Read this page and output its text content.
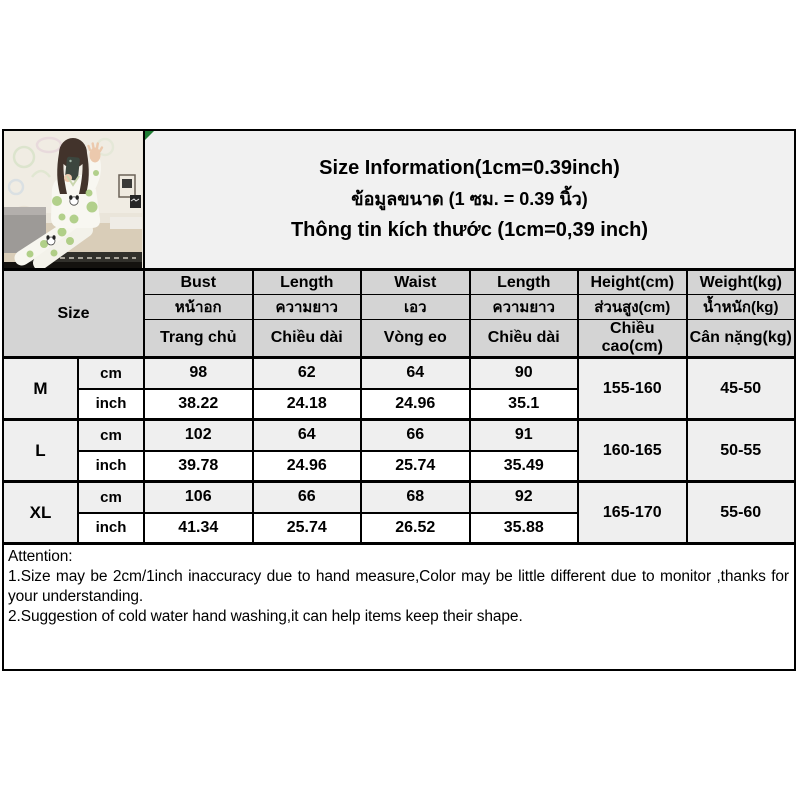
Size Information(1cm=0.39inch)
ข้อมูลขนาด (1 ซม. = 0.39 นิ้ว)
Thông tin kích thước (1cm=0,39 inch)					

Size		Bust	Length	Waist	Length	Height(cm)	Weight(kg)
		หน้าอก	ความยาว	เอว	ความยาว	ส่วนสูง(cm)	น้ำหนัก(kg)
		Trang chủ	Chiều dài	Vòng eo	Chiều dài	Chiều cao(cm)	Cân nặng(kg)
M	cm	98	62	64	90	155-160	45-50
	inch	38.22	24.18	24.96	35.1		
L	cm	102	64	66	91	160-165	50-55
	inch	39.78	24.96	25.74	35.49		
XL	cm	106	66	68	92	165-170	55-60
	inch	41.34	25.74	26.52	35.88		

Attention:
1.Size may be 2cm/1inch inaccuracy due to hand measure,Color may be little different due to monitor ,thanks for your understanding.
2.Suggestion of cold water hand washing,it can help items keep their shape.							
